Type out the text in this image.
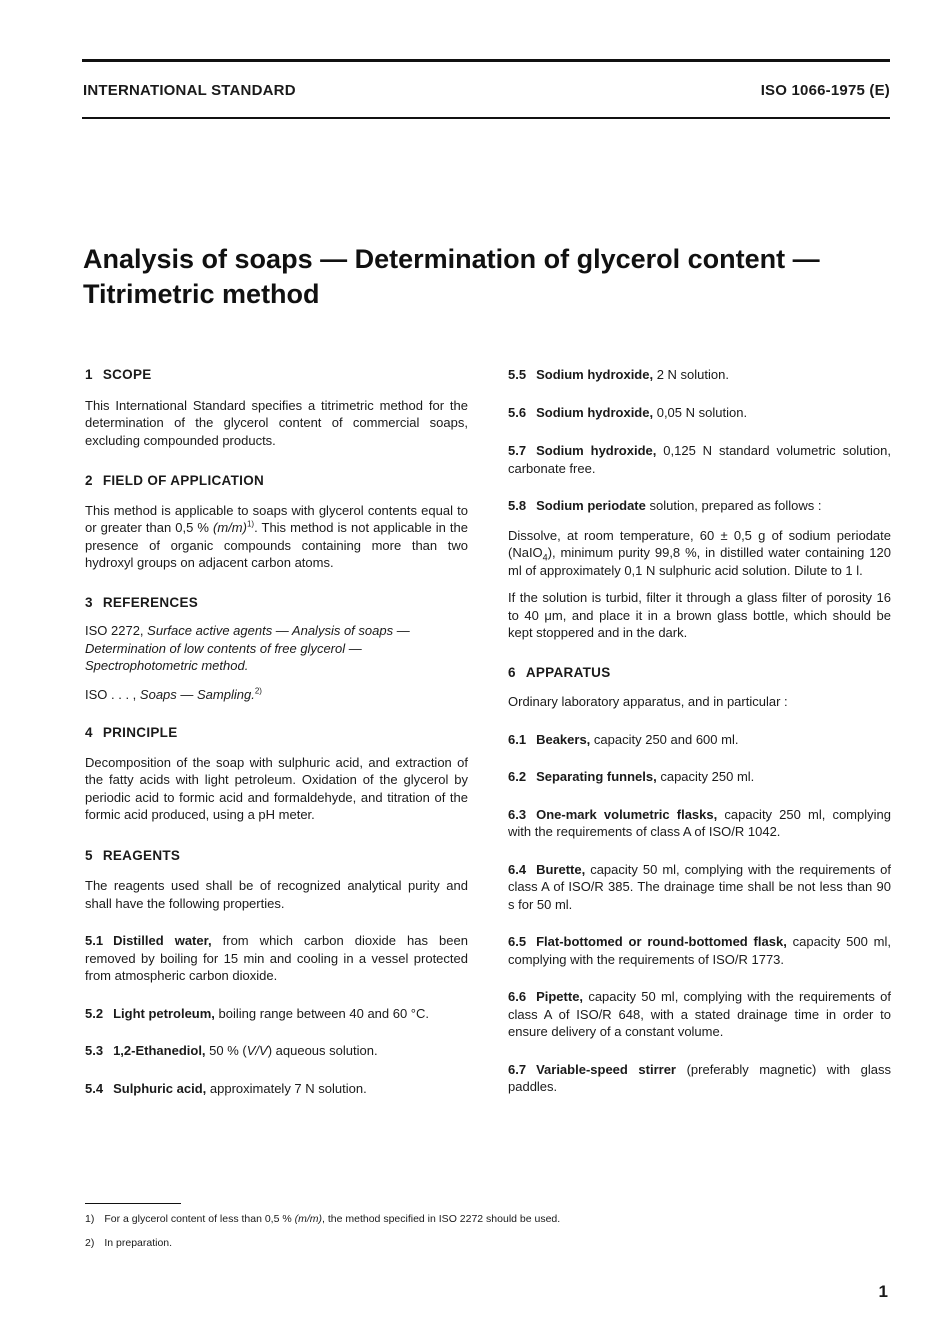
INTERNATIONAL STANDARD	ISO 1066-1975 (E)
Analysis of soaps — Determination of glycerol content —
Titrimetric method
1 SCOPE

This International Standard specifies a titrimetric method for the determination of the glycerol content of commercial soaps, excluding compounded products.

2 FIELD OF APPLICATION

This method is applicable to soaps with glycerol contents equal to or greater than 0,5 % $(m/m)^{1)}$. This method is not applicable in the presence of organic compounds containing more than two hydroxyl groups on adjacent carbon atoms.

3 REFERENCES

ISO 2272, Surface active agents — Analysis of soaps — Determination of low contents of free glycerol — Spectrophotometric method.

ISO . . . , Soaps — Sampling.$^{2)}$

4 PRINCIPLE

Decomposition of the soap with sulphuric acid, and extraction of the fatty acids with light petroleum. Oxidation of the glycerol by periodic acid to formic acid and formaldehyde, and titration of the formic acid produced, using a pH meter.

5 REAGENTS

The reagents used shall be of recognized analytical purity and shall have the following properties.

5.1 Distilled water, from which carbon dioxide has been removed by boiling for 15 min and cooling in a vessel protected from atmospheric carbon dioxide.

5.2 Light petroleum, boiling range between 40 and 60 °C.

5.3 1,2-Ethanediol, 50 % (V/V) aqueous solution.

5.4 Sulphuric acid, approximately 7 N solution.

5.5 Sodium hydroxide, 2 N solution.

5.6 Sodium hydroxide, 0,05 N solution.

5.7 Sodium hydroxide, 0,125 N standard volumetric solution, carbonate free.

5.8 Sodium periodate solution, prepared as follows :

Dissolve, at room temperature, 60 ± 0,5 g of sodium periodate (NaIO$_4$), minimum purity 99,8 %, in distilled water containing 120 ml of approximately 0,1 N sulphuric acid solution. Dilute to 1 l.

If the solution is turbid, filter it through a glass filter of porosity 16 to 40 μm, and place it in a brown glass bottle, which should be kept stoppered and in the dark.

6 APPARATUS

Ordinary laboratory apparatus, and in particular :

6.1 Beakers, capacity 250 and 600 ml.

6.2 Separating funnels, capacity 250 ml.

6.3 One-mark volumetric flasks, capacity 250 ml, complying with the requirements of class A of ISO/R 1042.

6.4 Burette, capacity 50 ml, complying with the requirements of class A of ISO/R 385. The drainage time shall be not less than 90 s for 50 ml.

6.5 Flat-bottomed or round-bottomed flask, capacity 500 ml, complying with the requirements of ISO/R 1773.

6.6 Pipette, capacity 50 ml, complying with the requirements of class A of ISO/R 648, with a stated drainage time in order to ensure delivery of a constant volume.

6.7 Variable-speed stirrer (preferably magnetic) with glass paddles.

1) For a glycerol content of less than 0,5 % (m/m), the method specified in ISO 2272 should be used.
2) In preparation.
1
